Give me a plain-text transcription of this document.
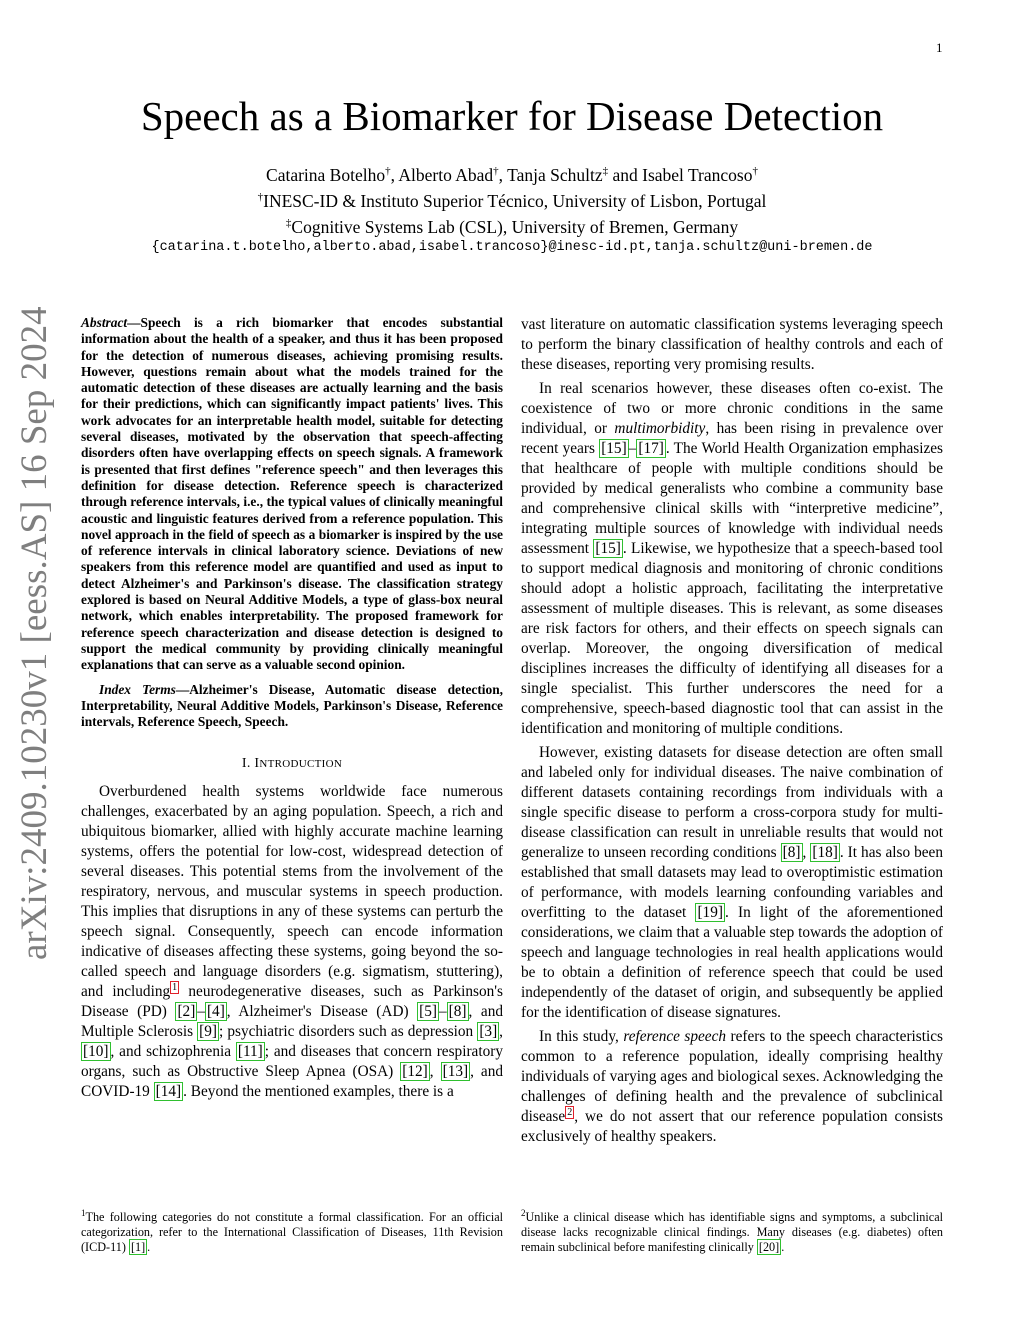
1
arXiv:2409.10230v1 [eess.AS] 16 Sep 2024
Speech as a Biomarker for Disease Detection
Catarina Botelho†, Alberto Abad†, Tanja Schultz‡ and Isabel Trancoso†
†INESC-ID & Instituto Superior Técnico, University of Lisbon, Portugal
‡Cognitive Systems Lab (CSL), University of Bremen, Germany
{catarina.t.botelho,alberto.abad,isabel.trancoso}@inesc-id.pt,tanja.schultz@uni-bremen.de

Abstract—Speech is a rich biomarker that encodes substantial information about the health of a speaker, and thus it has been proposed for the detection of numerous diseases, achieving promising results. However, questions remain about what the models trained for the automatic detection of these diseases are actually learning and the basis for their predictions, which can significantly impact patients' lives. This work advocates for an interpretable health model, suitable for detecting several diseases, motivated by the observation that speech-affecting disorders often have overlapping effects on speech signals. A framework is presented that first defines "reference speech" and then leverages this definition for disease detection. Reference speech is characterized through reference intervals, i.e., the typical values of clinically meaningful acoustic and linguistic features derived from a reference population. This novel approach in the field of speech as a biomarker is inspired by the use of reference intervals in clinical laboratory science. Deviations of new speakers from this reference model are quantified and used as input to detect Alzheimer's and Parkinson's disease. The classification strategy explored is based on Neural Additive Models, a type of glass-box neural network, which enables interpretability. The proposed framework for reference speech characterization and disease detection is designed to support the medical community by providing clinically meaningful explanations that can serve as a valuable second opinion.

Index Terms—Alzheimer's Disease, Automatic disease detection, Interpretability, Neural Additive Models, Parkinson's Disease, Reference intervals, Reference Speech, Speech.

I. Introduction

Overburdened health systems worldwide face numerous challenges, exacerbated by an aging population. Speech, a rich and ubiquitous biomarker, allied with highly accurate machine learning systems, offers the potential for low-cost, widespread detection of several diseases. This potential stems from the involvement of the respiratory, nervous, and muscular systems in speech production. This implies that disruptions in any of these systems can perturb the speech signal. Consequently, speech can encode information indicative of diseases affecting these systems, going beyond the so-called speech and language disorders (e.g. sigmatism, stuttering), and including $^1$ neurodegenerative diseases, such as Parkinson's Disease (PD) [2] – [4] , Alzheimer's Disease (AD) [5] – [8] , and Multiple Sclerosis [9] ; psychiatric disorders such as depression [3] , [10] , and schizophrenia [11] ; and diseases that concern respiratory organs, such as Obstructive Sleep Apnea (OSA) [12] , [13] , and COVID-19 [14] . Beyond the mentioned examples, there is a

vast literature on automatic classification systems leveraging speech to perform the binary classification of healthy controls and each of these diseases, reporting very promising results.

In real scenarios however, these diseases often co-exist. The coexistence of two or more chronic conditions in the same individual, or multimorbidity, has been rising in prevalence over recent years [15] – [17] . The World Health Organization emphasizes that healthcare of people with multiple conditions should be provided by medical generalists who combine a community base and comprehensive clinical skills with “interpretive medicine”, integrating multiple sources of knowledge with individual needs assessment [15] . Likewise, we hypothesize that a speech-based tool to support medical diagnosis and monitoring of chronic conditions should adopt a holistic approach, facilitating the interpretative assessment of multiple diseases. This is relevant, as some diseases are risk factors for others, and their effects on speech signals can overlap. Moreover, the ongoing diversification of medical disciplines increases the difficulty of identifying all diseases for a single specialist. This further underscores the need for a comprehensive, speech-based diagnostic tool that can assist in the identification and monitoring of multiple conditions.

However, existing datasets for disease detection are often small and labeled only for individual diseases. The naive combination of different datasets containing recordings from individuals with a single specific disease to perform a cross-corpora study for multi-disease classification can result in unreliable results that would not generalize to unseen recording conditions [8] , [18] . It has also been established that small datasets may lead to overoptimistic estimation of performance, with models learning confounding variables and overfitting to the dataset [19] . In light of the aforementioned considerations, we claim that a valuable step towards the adoption of speech and language technologies in real health applications would be to obtain a definition of reference speech that could be used independently of the dataset of origin, and subsequently be applied for the identification of disease signatures.

In this study, reference speech refers to the speech characteristics common to a reference population, ideally comprising healthy individuals of varying ages and biological sexes. Acknowledging the challenges of defining health and the prevalence of subclinical disease $^2$ , we do not assert that our reference population consists exclusively of healthy speakers.

$^1$The following categories do not constitute a formal classification. For an official categorization, refer to the International Classification of Diseases, 11th Revision (ICD-11) [1] .
$^2$Unlike a clinical disease which has identifiable signs and symptoms, a subclinical disease lacks recognizable clinical findings. Many diseases (e.g. diabetes) often remain subclinical before manifesting clinically [20] .
